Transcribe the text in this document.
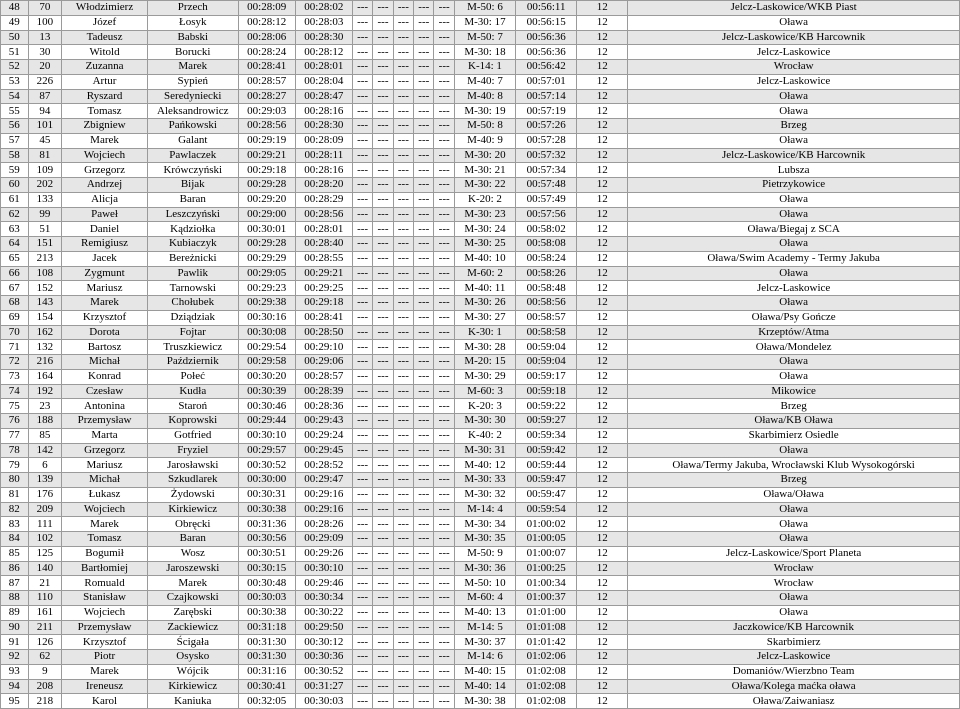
48	70	Włodzimierz	Przech	00:28:09	00:28:02	---	---	---	---	---	M-50: 6	00:56:11	12	Jelcz-Laskowice/WKB Piast
49	100	Józef	Łosyk	00:28:12	00:28:03	---	---	---	---	---	M-30: 17	00:56:15	12	Oława
50	13	Tadeusz	Babski	00:28:06	00:28:30	---	---	---	---	---	M-50: 7	00:56:36	12	Jelcz-Laskowice/KB Harcownik
51	30	Witold	Borucki	00:28:24	00:28:12	---	---	---	---	---	M-30: 18	00:56:36	12	Jelcz-Laskowice
52	20	Zuzanna	Marek	00:28:41	00:28:01	---	---	---	---	---	K-14: 1	00:56:42	12	Wrocław
53	226	Artur	Sypień	00:28:57	00:28:04	---	---	---	---	---	M-40: 7	00:57:01	12	Jelcz-Laskowice
54	87	Ryszard	Seredyniecki	00:28:27	00:28:47	---	---	---	---	---	M-40: 8	00:57:14	12	Oława
55	94	Tomasz	Aleksandrowicz	00:29:03	00:28:16	---	---	---	---	---	M-30: 19	00:57:19	12	Oława
56	101	Zbigniew	Pańkowski	00:28:56	00:28:30	---	---	---	---	---	M-50: 8	00:57:26	12	Brzeg
57	45	Marek	Galant	00:29:19	00:28:09	---	---	---	---	---	M-40: 9	00:57:28	12	Oława
58	81	Wojciech	Pawlaczek	00:29:21	00:28:11	---	---	---	---	---	M-30: 20	00:57:32	12	Jelcz-Laskowice/KB Harcownik
59	109	Grzegorz	Krówczyński	00:29:18	00:28:16	---	---	---	---	---	M-30: 21	00:57:34	12	Lubsza
60	202	Andrzej	Bijak	00:29:28	00:28:20	---	---	---	---	---	M-30: 22	00:57:48	12	Pietrzykowice
61	133	Alicja	Baran	00:29:20	00:28:29	---	---	---	---	---	K-20: 2	00:57:49	12	Oława
62	99	Paweł	Leszczyński	00:29:00	00:28:56	---	---	---	---	---	M-30: 23	00:57:56	12	Oława
63	51	Daniel	Kądziołka	00:30:01	00:28:01	---	---	---	---	---	M-30: 24	00:58:02	12	Oława/Biegaj z SCA
64	151	Remigiusz	Kubiaczyk	00:29:28	00:28:40	---	---	---	---	---	M-30: 25	00:58:08	12	Oława
65	213	Jacek	Bereżnicki	00:29:29	00:28:55	---	---	---	---	---	M-40: 10	00:58:24	12	Oława/Swim Academy - Termy Jakuba
66	108	Zygmunt	Pawlik	00:29:05	00:29:21	---	---	---	---	---	M-60: 2	00:58:26	12	Oława
67	152	Mariusz	Tarnowski	00:29:23	00:29:25	---	---	---	---	---	M-40: 11	00:58:48	12	Jelcz-Laskowice
68	143	Marek	Chołubek	00:29:38	00:29:18	---	---	---	---	---	M-30: 26	00:58:56	12	Oława
69	154	Krzysztof	Dziądziak	00:30:16	00:28:41	---	---	---	---	---	M-30: 27	00:58:57	12	Oława/Psy Gończe
70	162	Dorota	Fojtar	00:30:08	00:28:50	---	---	---	---	---	K-30: 1	00:58:58	12	Krzeptów/Atma
71	132	Bartosz	Truszkiewicz	00:29:54	00:29:10	---	---	---	---	---	M-30: 28	00:59:04	12	Oława/Mondelez
72	216	Michał	Październik	00:29:58	00:29:06	---	---	---	---	---	M-20: 15	00:59:04	12	Oława
73	164	Konrad	Połeć	00:30:20	00:28:57	---	---	---	---	---	M-30: 29	00:59:17	12	Oława
74	192	Czesław	Kudła	00:30:39	00:28:39	---	---	---	---	---	M-60: 3	00:59:18	12	Mikowice
75	23	Antonina	Staroń	00:30:46	00:28:36	---	---	---	---	---	K-20: 3	00:59:22	12	Brzeg
76	188	Przemysław	Koprowski	00:29:44	00:29:43	---	---	---	---	---	M-30: 30	00:59:27	12	Oława/KB Oława
77	85	Marta	Gotfried	00:30:10	00:29:24	---	---	---	---	---	K-40: 2	00:59:34	12	Skarbimierz Osiedle
78	142	Grzegorz	Fryziel	00:29:57	00:29:45	---	---	---	---	---	M-30: 31	00:59:42	12	Oława
79	6	Mariusz	Jarosławski	00:30:52	00:28:52	---	---	---	---	---	M-40: 12	00:59:44	12	Oława/Termy Jakuba, Wrocławski Klub Wysokogórski
80	139	Michał	Szkudlarek	00:30:00	00:29:47	---	---	---	---	---	M-30: 33	00:59:47	12	Brzeg
81	176	Łukasz	Żydowski	00:30:31	00:29:16	---	---	---	---	---	M-30: 32	00:59:47	12	Oława/Oława
82	209	Wojciech	Kirkiewicz	00:30:38	00:29:16	---	---	---	---	---	M-14: 4	00:59:54	12	Oława
83	111	Marek	Obręcki	00:31:36	00:28:26	---	---	---	---	---	M-30: 34	01:00:02	12	Oława
84	102	Tomasz	Baran	00:30:56	00:29:09	---	---	---	---	---	M-30: 35	01:00:05	12	Oława
85	125	Bogumił	Wosz	00:30:51	00:29:26	---	---	---	---	---	M-50: 9	01:00:07	12	Jelcz-Laskowice/Sport Planeta
86	140	Bartłomiej	Jaroszewski	00:30:15	00:30:10	---	---	---	---	---	M-30: 36	01:00:25	12	Wrocław
87	21	Romuald	Marek	00:30:48	00:29:46	---	---	---	---	---	M-50: 10	01:00:34	12	Wrocław
88	110	Stanisław	Czajkowski	00:30:03	00:30:34	---	---	---	---	---	M-60: 4	01:00:37	12	Oława
89	161	Wojciech	Zarębski	00:30:38	00:30:22	---	---	---	---	---	M-40: 13	01:01:00	12	Oława
90	211	Przemysław	Zackiewicz	00:31:18	00:29:50	---	---	---	---	---	M-14: 5	01:01:08	12	Jaczkowice/KB Harcownik
91	126	Krzysztof	Ścigała	00:31:30	00:30:12	---	---	---	---	---	M-30: 37	01:01:42	12	Skarbimierz
92	62	Piotr	Osysko	00:31:30	00:30:36	---	---	---	---	---	M-14: 6	01:02:06	12	Jelcz-Laskowice
93	9	Marek	Wójcik	00:31:16	00:30:52	---	---	---	---	---	M-40: 15	01:02:08	12	Domaniów/Wierzbno Team
94	208	Ireneusz	Kirkiewicz	00:30:41	00:31:27	---	---	---	---	---	M-40: 14	01:02:08	12	Oława/Kolega maćka oława
95	218	Karol	Kaniuka	00:32:05	00:30:03	---	---	---	---	---	M-30: 38	01:02:08	12	Oława/Zaiwaniasz
